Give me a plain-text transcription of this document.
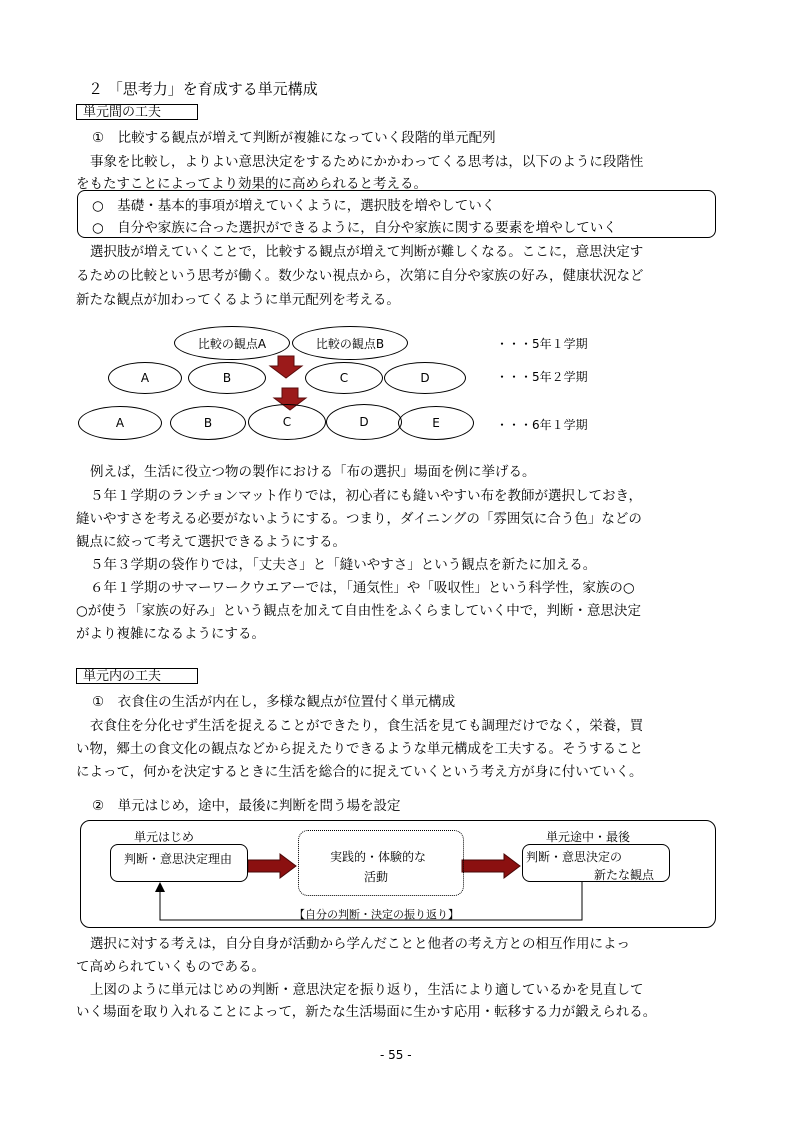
２ 「思考力」を育成する単元構成
単元間の工夫
①　比較する観点が増えて判断が複雑になっていく段階的単元配列
事象を比較し，よりよい意思決定をするためにかかわってくる思考は，以下のように段階性
をもたすことによってより効果的に高められると考える。
○　基礎・基本的事項が増えていくように，選択肢を増やしていく
○　自分や家族に合った選択ができるように，自分や家族に関する要素を増やしていく
選択肢が増えていくことで，比較する観点が増えて判断が難しくなる。ここに，意思決定す
るための比較という思考が働く。数少ない視点から，次第に自分や家族の好み，健康状況など
新たな観点が加わってくるように単元配列を考える。
比較の観点A	比較の観点B	・・・5年１学期
A	B	C	D	・・・5年２学期
A	B	C	D	E	・・・6年１学期
例えば，生活に役立つ物の製作における「布の選択」場面を例に挙げる。
５年１学期のランチョンマット作りでは，初心者にも縫いやすい布を教師が選択しておき，
縫いやすさを考える必要がないようにする。つまり，ダイニングの「雰囲気に合う色」などの
観点に絞って考えて選択できるようにする。
５年３学期の袋作りでは，「丈夫さ」と「縫いやすさ」という観点を新たに加える。
６年１学期のサマーワークウエアーでは，「通気性」や「吸収性」という科学性，家族の○
○が使う「家族の好み」という観点を加えて自由性をふくらましていく中で，判断・意思決定
がより複雑になるようにする。
単元内の工夫
①　衣食住の生活が内在し，多様な観点が位置付く単元構成
衣食住を分化せず生活を捉えることができたり，食生活を見ても調理だけでなく，栄養，買
い物，郷土の食文化の観点などから捉えたりできるような単元構成を工夫する。そうすること
によって，何かを決定するときに生活を総合的に捉えていくという考え方が身に付いていく。
②　単元はじめ，途中，最後に判断を問う場を設定
単元はじめ
判断・意思決定理由	実践的・体験的な
活動
単元途中・最後
判断・意思決定の
新たな観点
【自分の判断・決定の振り返り】
選択に対する考えは，自分自身が活動から学んだことと他者の考え方との相互作用によっ
て高められていくものである。
上図のように単元はじめの判断・意思決定を振り返り，生活により適しているかを見直して
いく場面を取り入れることによって，新たな生活場面に生かす応用・転移する力が鍛えられる。
- 55 -
